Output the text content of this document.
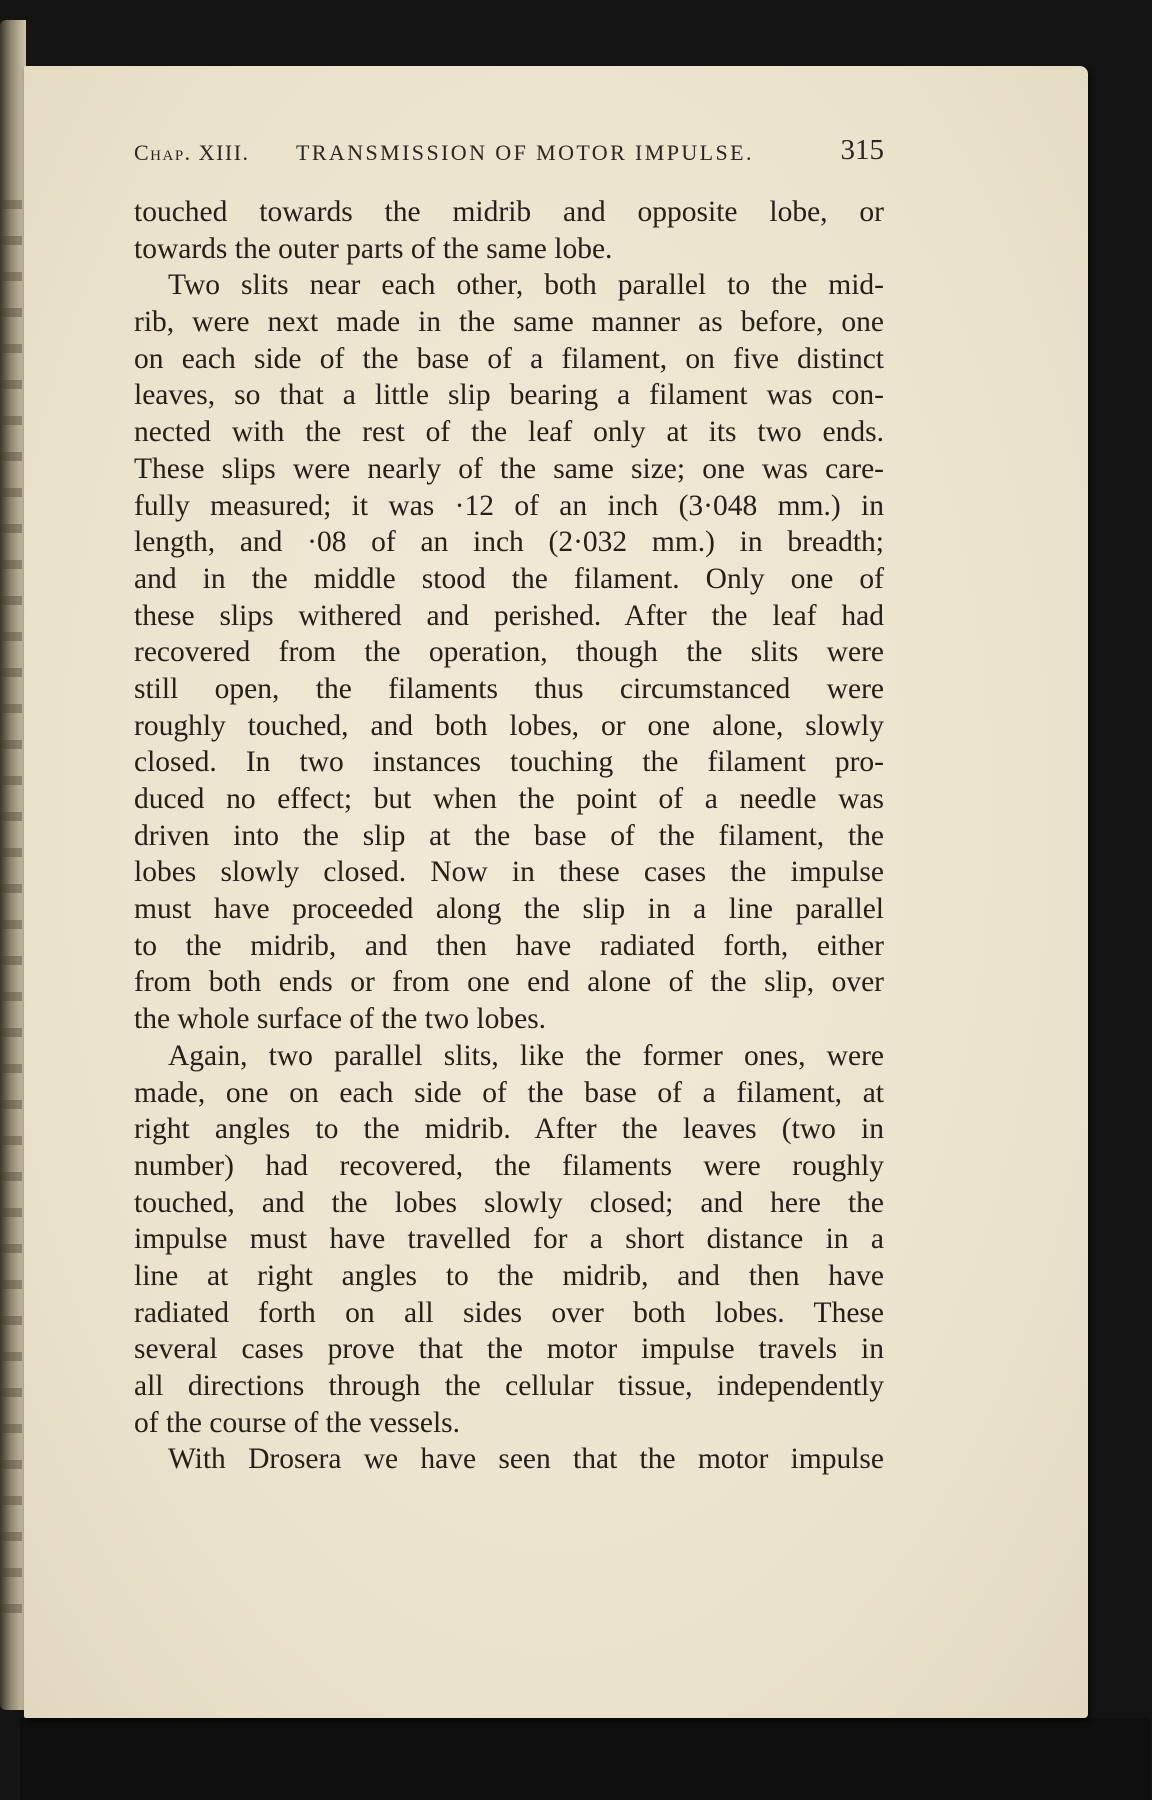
Chap. XIII. TRANSMISSION OF MOTOR IMPULSE.	315
touched towards the midrib and opposite lobe, or
towards the outer parts of the same lobe.
Two slits near each other, both parallel to the mid-
rib, were next made in the same manner as before, one
on each side of the base of a filament, on five distinct
leaves, so that a little slip bearing a filament was con-
nected with the rest of the leaf only at its two ends.
These slips were nearly of the same size; one was care-
fully measured; it was ·12 of an inch (3·048 mm.) in
length, and ·08 of an inch (2·032 mm.) in breadth;
and in the middle stood the filament. Only one of
these slips withered and perished. After the leaf had
recovered from the operation, though the slits were
still open, the filaments thus circumstanced were
roughly touched, and both lobes, or one alone, slowly
closed. In two instances touching the filament pro-
duced no effect; but when the point of a needle was
driven into the slip at the base of the filament, the
lobes slowly closed. Now in these cases the impulse
must have proceeded along the slip in a line parallel
to the midrib, and then have radiated forth, either
from both ends or from one end alone of the slip, over
the whole surface of the two lobes.
Again, two parallel slits, like the former ones, were
made, one on each side of the base of a filament, at
right angles to the midrib. After the leaves (two in
number) had recovered, the filaments were roughly
touched, and the lobes slowly closed; and here the
impulse must have travelled for a short distance in a
line at right angles to the midrib, and then have
radiated forth on all sides over both lobes. These
several cases prove that the motor impulse travels in
all directions through the cellular tissue, independently
of the course of the vessels.
With Drosera we have seen that the motor impulse
